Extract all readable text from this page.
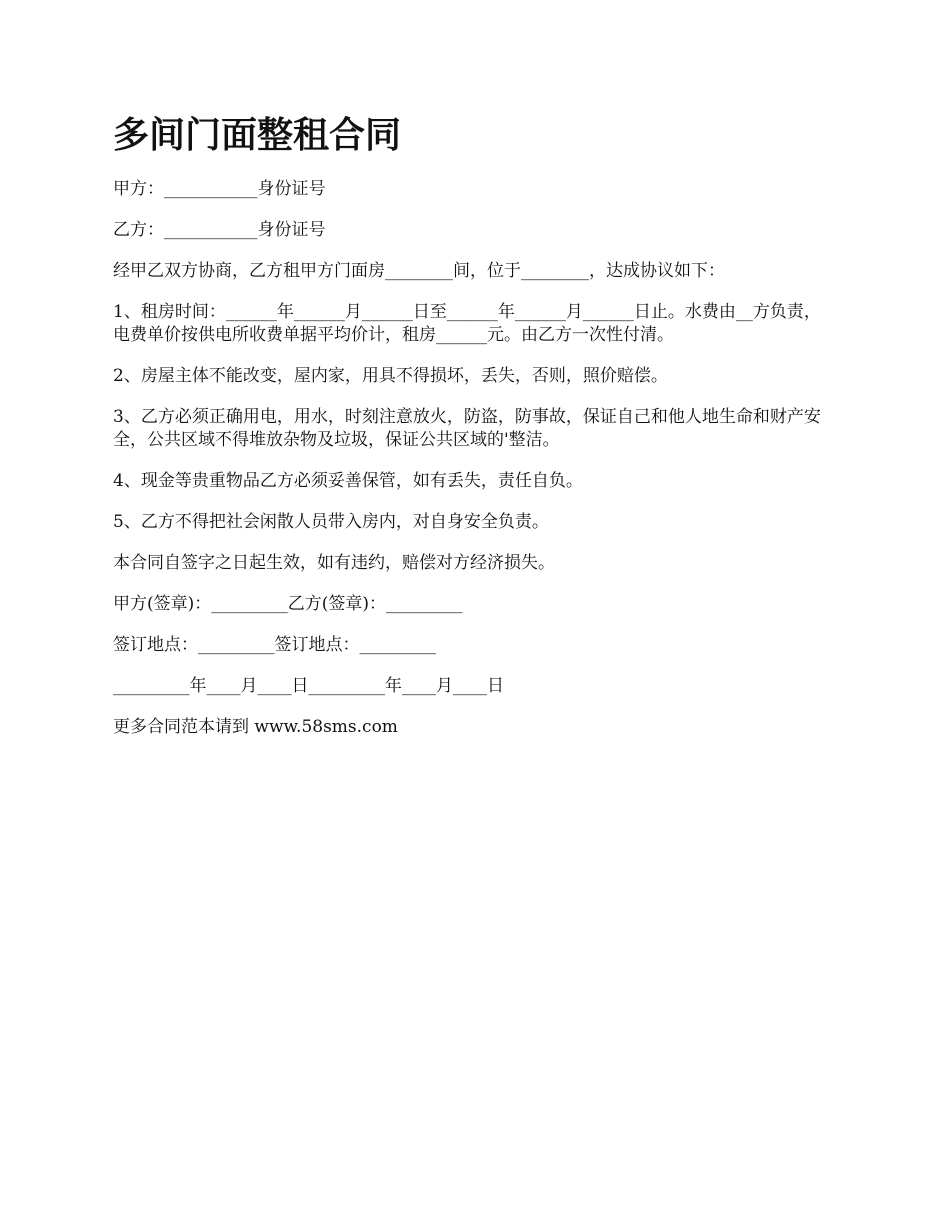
多间门面整租合同

甲方：___________身份证号

乙方：___________身份证号

经甲乙双方协商，乙方租甲方门面房________间，位于________，达成协议如下：

1、租房时间：______年______月______日至______年______月______日止。水费由__方负责，电费单价按供电所收费单据平均价计，租房______元。由乙方一次性付清。

2、房屋主体不能改变，屋内家，用具不得损坏，丢失，否则，照价赔偿。

3、乙方必须正确用电，用水，时刻注意放火，防盗，防事故，保证自己和他人地生命和财产安全，公共区域不得堆放杂物及垃圾，保证公共区域的'整洁。

4、现金等贵重物品乙方必须妥善保管，如有丢失，责任自负。

5、乙方不得把社会闲散人员带入房内，对自身安全负责。

本合同自签字之日起生效，如有违约，赔偿对方经济损失。

甲方(签章)：_________乙方(签章)：_________

签订地点：_________签订地点：_________

_________年____月____日_________年____月____日

更多合同范本请到 www.58sms.com
